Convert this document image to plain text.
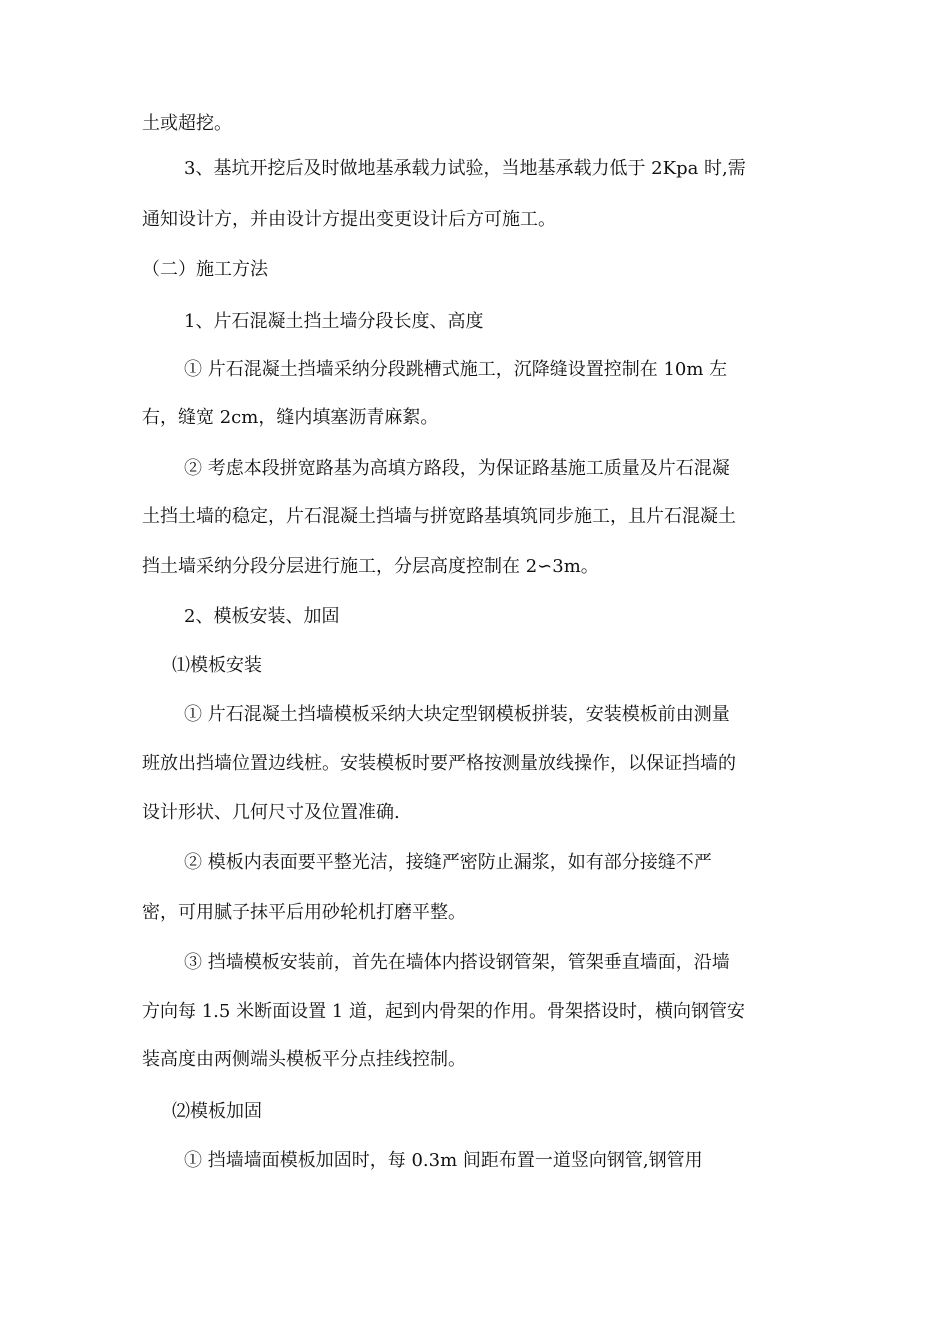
土或超挖。
3、基坑开挖后及时做地基承载力试验，当地基承载力低于 2Kpa 时,需
通知设计方，并由设计方提出变更设计后方可施工。
（二）施工方法
1、片石混凝土挡土墙分段长度、高度
① 片石混凝土挡墙采纳分段跳槽式施工，沉降缝设置控制在 10m 左
右，缝宽 2cm，缝内填塞沥青麻絮。
② 考虑本段拼宽路基为高填方路段，为保证路基施工质量及片石混凝
土挡土墙的稳定，片石混凝土挡墙与拼宽路基填筑同步施工，且片石混凝土
挡土墙采纳分段分层进行施工，分层高度控制在 2∽3m。
2、模板安装、加固
⑴模板安装
① 片石混凝土挡墙模板采纳大块定型钢模板拼装，安装模板前由测量
班放出挡墙位置边线桩。安装模板时要严格按测量放线操作，以保证挡墙的
设计形状、几何尺寸及位置准确.
② 模板内表面要平整光洁，接缝严密防止漏浆，如有部分接缝不严
密，可用腻子抹平后用砂轮机打磨平整。
③ 挡墙模板安装前，首先在墙体内搭设钢管架，管架垂直墙面，沿墙
方向每 1.5 米断面设置 1 道，起到内骨架的作用。骨架搭设时，横向钢管安
装高度由两侧端头模板平分点挂线控制。
⑵模板加固
① 挡墙墙面模板加固时，每 0.3m 间距布置一道竖向钢管,钢管用
